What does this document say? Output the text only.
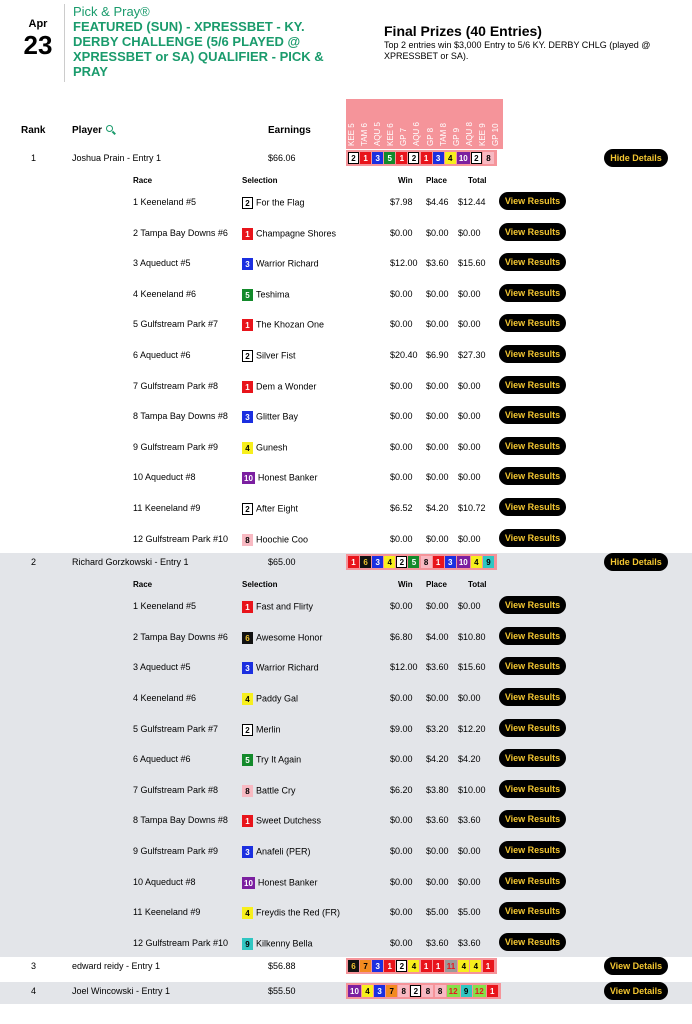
Apr
23
Pick & Pray®
FEATURED (SUN) - XPRESSBET - KY. DERBY CHALLENGE (5/6 PLAYED @ XPRESSBET or SA) QUALIFIER - PICK & PRAY
Final Prizes (40 Entries)
Top 2 entries win $3,000 Entry to 5/6 KY. DERBY CHLG (played @ XPRESSBET or SA).
Rank	Player	Earnings	KEE 5 TAM 6 AQU 5 KEE 6 GP 7 AQU 6 GP 8 TAM 8 GP 9 AQU 8 KEE 9 GP 10
1	Joshua Prain - Entry 1	$66.06	2 1 3 5 1 2 1 3 4 10 2 8	Hide Details
Race	Selection	Win Place	Total
1 Keeneland #5	2 For the Flag	$7.98 $4.46 $12.44	View Results
2 Tampa Bay Downs #6	1 Champagne Shores	$0.00 $0.00 $0.00	View Results
3 Aqueduct #5	3 Warrior Richard	$12.00 $3.60 $15.60	View Results
4 Keeneland #6	5 Teshima	$0.00 $0.00 $0.00	View Results
5 Gulfstream Park #7	1 The Khozan One	$0.00 $0.00 $0.00	View Results
6 Aqueduct #6	2 Silver Fist	$20.40 $6.90 $27.30	View Results
7 Gulfstream Park #8	1 Dem a Wonder	$0.00 $0.00 $0.00	View Results
8 Tampa Bay Downs #8	3 Glitter Bay	$0.00 $0.00 $0.00	View Results
9 Gulfstream Park #9	4 Gunesh	$0.00 $0.00 $0.00	View Results
10 Aqueduct #8	10 Honest Banker	$0.00 $0.00 $0.00	View Results
11 Keeneland #9	2 After Eight	$6.52 $4.20 $10.72	View Results
12 Gulfstream Park #10	8 Hoochie Coo	$0.00 $0.00 $0.00	View Results
2	Richard Gorzkowski - Entry 1	$65.00	1 6 3 4 2 5 8 1 3 10 4 9	Hide Details
Race	Selection	Win Place	Total
1 Keeneland #5	1 Fast and Flirty	$0.00 $0.00 $0.00	View Results
2 Tampa Bay Downs #6	6 Awesome Honor	$6.80 $4.00 $10.80	View Results
3 Aqueduct #5	3 Warrior Richard	$12.00 $3.60 $15.60	View Results
4 Keeneland #6	4 Paddy Gal	$0.00 $0.00 $0.00	View Results
5 Gulfstream Park #7	2 Merlin	$9.00 $3.20 $12.20	View Results
6 Aqueduct #6	5 Try It Again	$0.00 $4.20 $4.20	View Results
7 Gulfstream Park #8	8 Battle Cry	$6.20 $3.80 $10.00	View Results
8 Tampa Bay Downs #8	1 Sweet Dutchess	$0.00 $3.60 $3.60	View Results
9 Gulfstream Park #9	3 Anafeli (PER)	$0.00 $0.00 $0.00	View Results
10 Aqueduct #8	10 Honest Banker	$0.00 $0.00 $0.00	View Results
11 Keeneland #9	4 Freydis the Red (FR)	$0.00 $5.00 $5.00	View Results
12 Gulfstream Park #10	9 Kilkenny Bella	$0.00 $3.60 $3.60	View Results
3	edward reidy - Entry 1	$56.88	6 7 3 1 2 4 1 1 11 4 4 1	View Details
4	Joel Wincowski - Entry 1	$55.50	10 4 3 7 8 2 8 8 12 9 12 1	View Details
